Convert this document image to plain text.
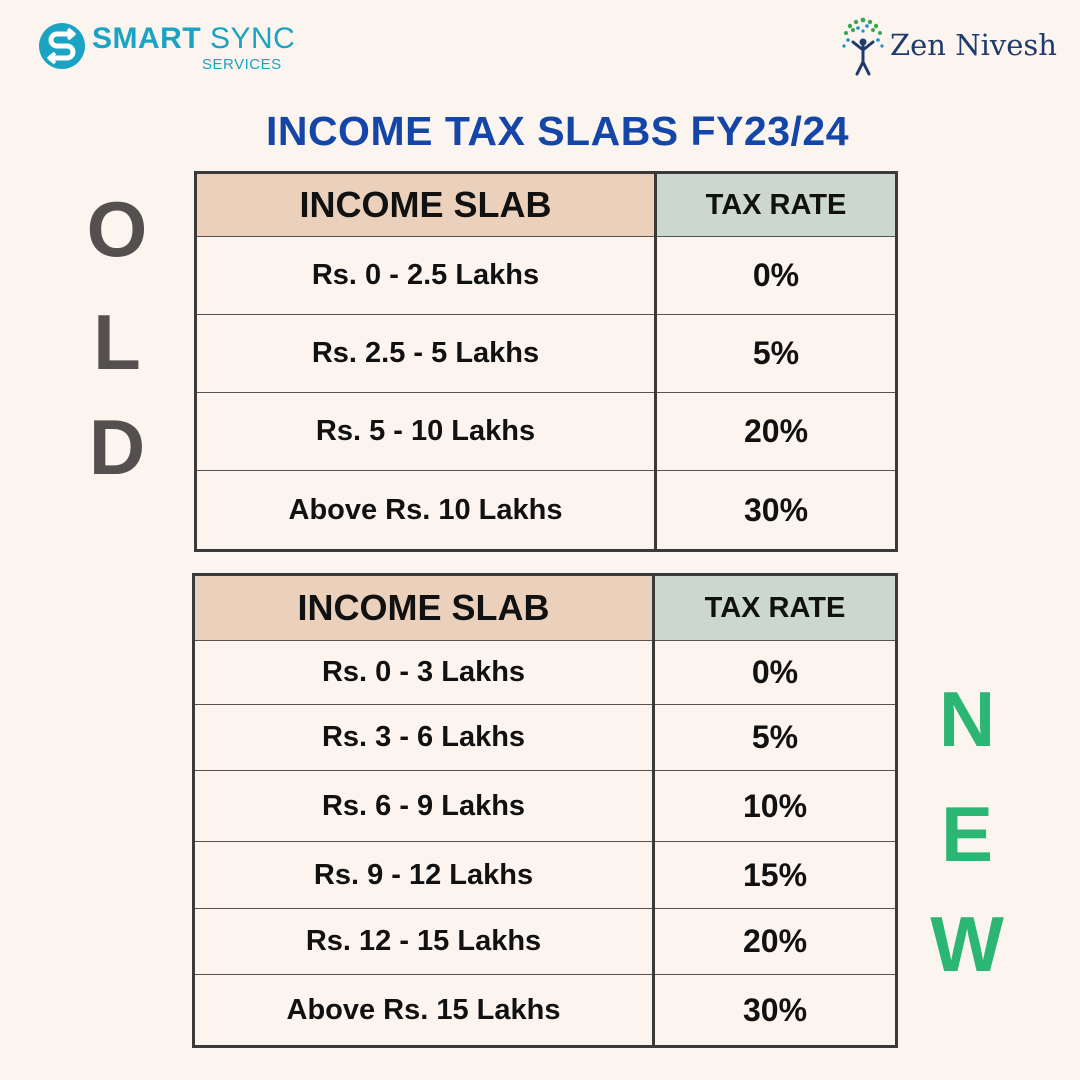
SMART SYNC
SERVICES
Zen Nivesh
INCOME TAX SLABS FY23/24
O
L
D
N
E
W
INCOME SLAB	TAX RATE
Rs. 0 - 2.5 Lakhs	0%
Rs. 2.5 - 5 Lakhs	5%
Rs. 5 - 10 Lakhs	20%
Above Rs. 10 Lakhs	30%
INCOME SLAB	TAX RATE
Rs. 0 - 3 Lakhs	0%
Rs. 3 - 6 Lakhs	5%
Rs. 6 - 9 Lakhs	10%
Rs. 9 - 12 Lakhs	15%
Rs. 12 - 15 Lakhs	20%
Above Rs. 15 Lakhs	30%
